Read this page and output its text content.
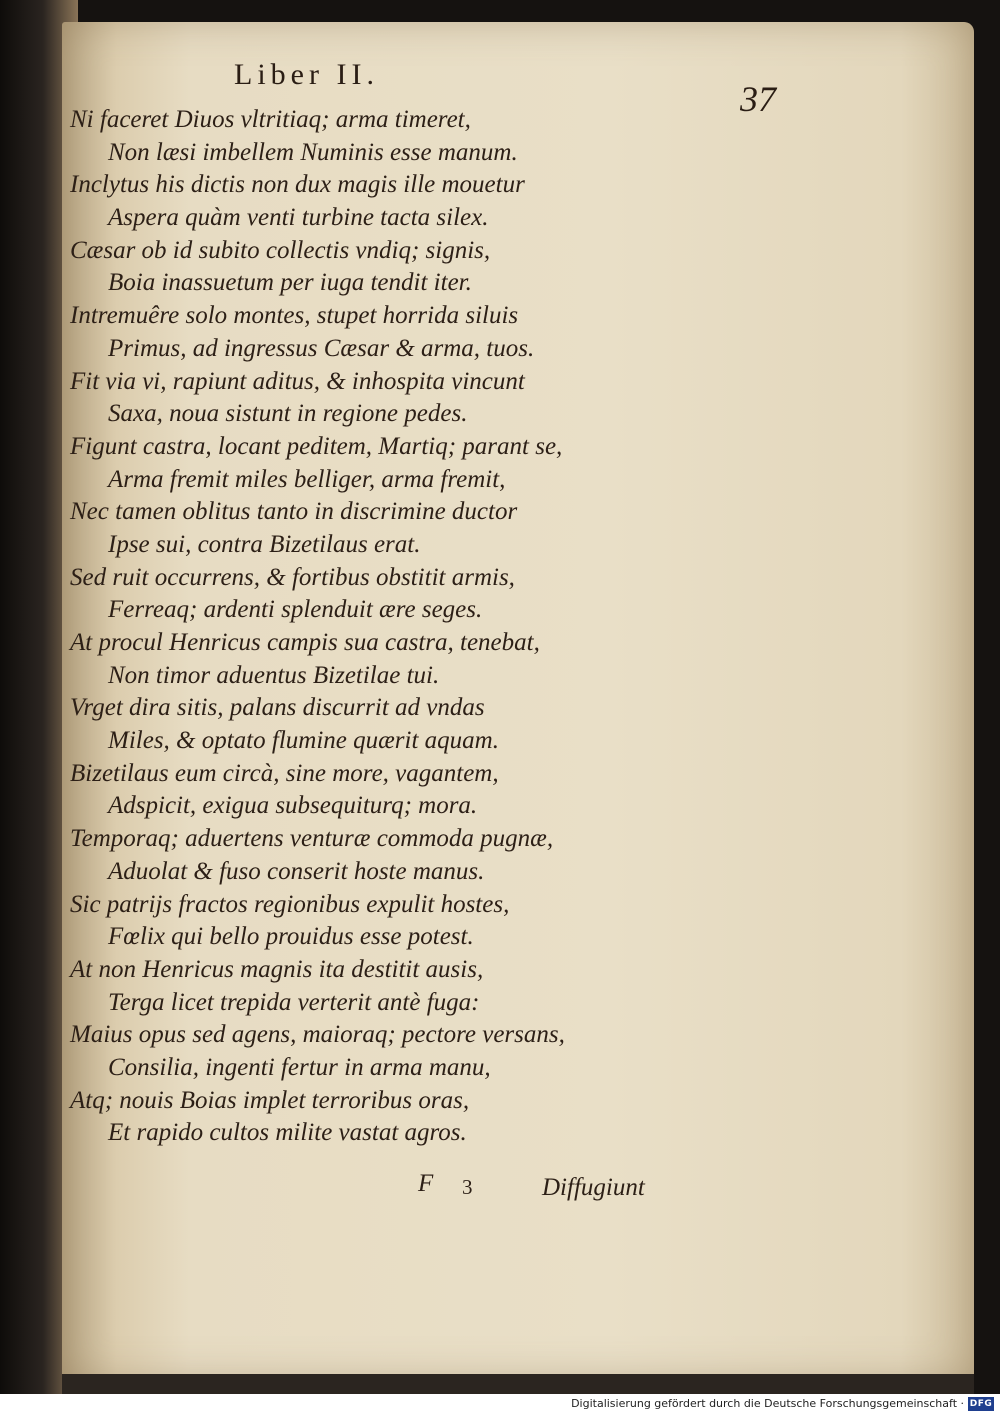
Liber II.
37
Ni faceret Diuos vltritiaq; arma timeret,
Non læsi imbellem Numinis esse manum.
Inclytus his dictis non dux magis ille mouetur
Aspera quàm venti turbine tacta silex.
Cæsar ob id subito collectis vndiq; signis,
Boia inassuetum per iuga tendit iter.
Intremuêre solo montes, stupet horrida siluis
Primus, ad ingressus Cæsar & arma, tuos.
Fit via vi, rapiunt aditus, & inhospita vincunt
Saxa, noua sistunt in regione pedes.
Figunt castra, locant peditem, Martiq; parant se,
Arma fremit miles belliger, arma fremit,
Nec tamen oblitus tanto in discrimine ductor
Ipse sui, contra Bizetilaus erat.
Sed ruit occurrens, & fortibus obstitit armis,
Ferreaq; ardenti splenduit ære seges.
At procul Henricus campis sua castra, tenebat,
Non timor aduentus Bizetilae tui.
Vrget dira sitis, palans discurrit ad vndas
Miles, & optato flumine quærit aquam.
Bizetilaus eum circà, sine more, vagantem,
Adspicit, exigua subsequiturq; mora.
Temporaq; aduertens venturæ commoda pugnæ,
Aduolat & fuso conserit hoste manus.
Sic patrijs fractos regionibus expulit hostes,
Fœlix qui bello prouidus esse potest.
At non Henricus magnis ita destitit ausis,
Terga licet trepida verterit antè fuga:
Maius opus sed agens, maioraq; pectore versans,
Consilia, ingenti fertur in arma manu,
Atq; nouis Boias implet terroribus oras,
Et rapido cultos milite vastat agros.
F 3	Diffugiunt
Digitalisierung gefördert durch die Deutsche Forschungsgemeinschaft · DFG
